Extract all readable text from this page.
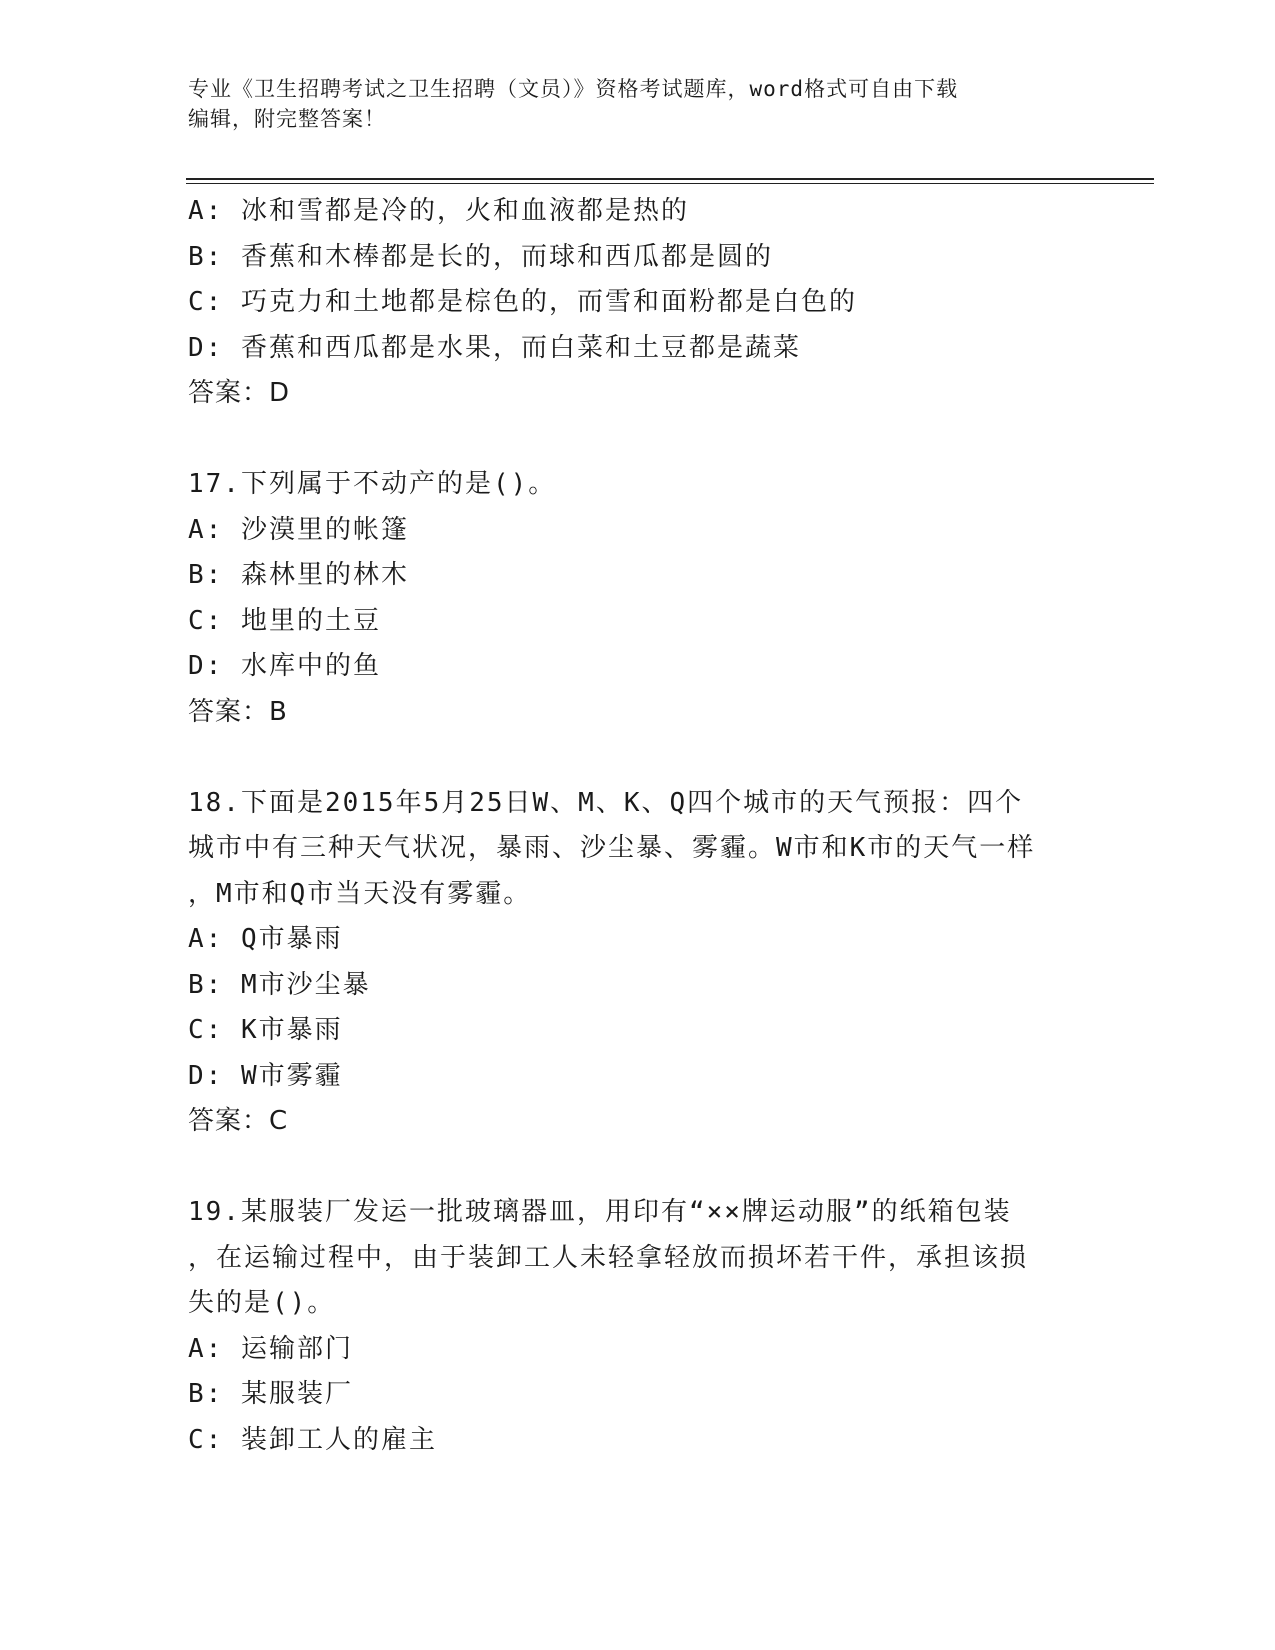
专业《卫生招聘考试之卫生招聘（文员）》资格考试题库，word格式可自由下载
编辑，附完整答案！
A: 冰和雪都是冷的，火和血液都是热的
B: 香蕉和木棒都是长的，而球和西瓜都是圆的
C: 巧克力和土地都是棕色的，而雪和面粉都是白色的
D: 香蕉和西瓜都是水果，而白菜和土豆都是蔬菜
答案：D
17.下列属于不动产的是()。
A: 沙漠里的帐篷
B: 森林里的林木
C: 地里的土豆
D: 水库中的鱼
答案：B
18.下面是2015年5月25日W、M、K、Q四个城市的天气预报：四个
城市中有三种天气状况，暴雨、沙尘暴、雾霾。W市和K市的天气一样
，M市和Q市当天没有雾霾。
A: Q市暴雨
B: M市沙尘暴
C: K市暴雨
D: W市雾霾
答案：C
19.某服装厂发运一批玻璃器皿，用印有“××牌运动服”的纸箱包装
，在运输过程中，由于装卸工人未轻拿轻放而损坏若干件，承担该损
失的是()。
A: 运输部门
B: 某服装厂
C: 装卸工人的雇主
